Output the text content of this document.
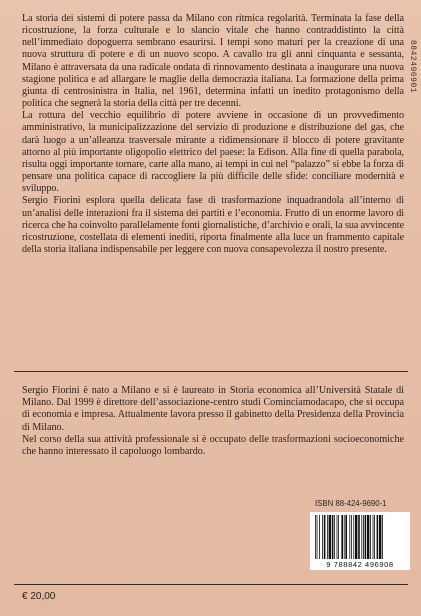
8842496901

La storia dei sistemi di potere passa da Milano con ritmica regolarità. Terminata la fase della ricostruzione, la forza culturale e lo slancio vitale che hanno contraddistinto la città nell’immediato dopoguerra sembrano esaurirsi. I tempi sono maturi per la creazione di una nuova struttura di potere e di un nuovo scopo. A cavallo tra gli anni cinquanta e sessanta, Milano è attraversata da una radicale ondata di rinnovamento destinata a inaugurare una nuova stagione politica e ad allargare le maglie della democrazia italiana. La formazione della prima giunta di centrosinistra in Italia, nel 1961, determina infatti un inedito protagonismo della politica che segnerà la storia della città per tre decenni.

La rottura del vecchio equilibrio di potere avviene in occasione di un provvedimento amministrativo, la municipalizzazione del servizio di produzione e distribuzione del gas, che darà luogo a un’alleanza trasversale mirante a ridimensionare il blocco di potere gravitante attorno al più importante oligopolio elettrico del paese: la Edison. Alla fine di quella parabola, risulta oggi importante tornare, carte alla mano, ai tempi in cui nel “palazzo” si ebbe la forza di pensare una politica capace di raccogliere la più difficile delle sfide: conciliare modernità e sviluppo.

Sergio Fiorini esplora quella delicata fase di trasformazione inquadrandola all’interno di un’analisi delle interazioni fra il sistema dei partiti e l’economia. Frutto di un enorme lavoro di ricerca che ha coinvolto parallelamente fonti giornalistiche, d’archivio e orali, la sua avvincente ricostruzione, costellata di elementi inediti, riporta finalmente alla luce un frammento capitale della storia italiana indispensabile per leggere con nuova consapevolezza il nostro presente.

Sergio Fiorini è nato a Milano e si è laureato in Storia economica all’Università Statale di Milano. Dal 1999 è direttore dell’associazione-centro studi Cominciamodacapo, che si occupa di economia e impresa. Attualmente lavora presso il gabinetto della Presidenza della Provincia di Milano.

Nel corso della sua attività professionale si è occupato delle trasformazioni socioeconomiche che hanno interessato il capoluogo lombardo.

ISBN 88-424-9690-1
9 788842 496908
€ 20,00
